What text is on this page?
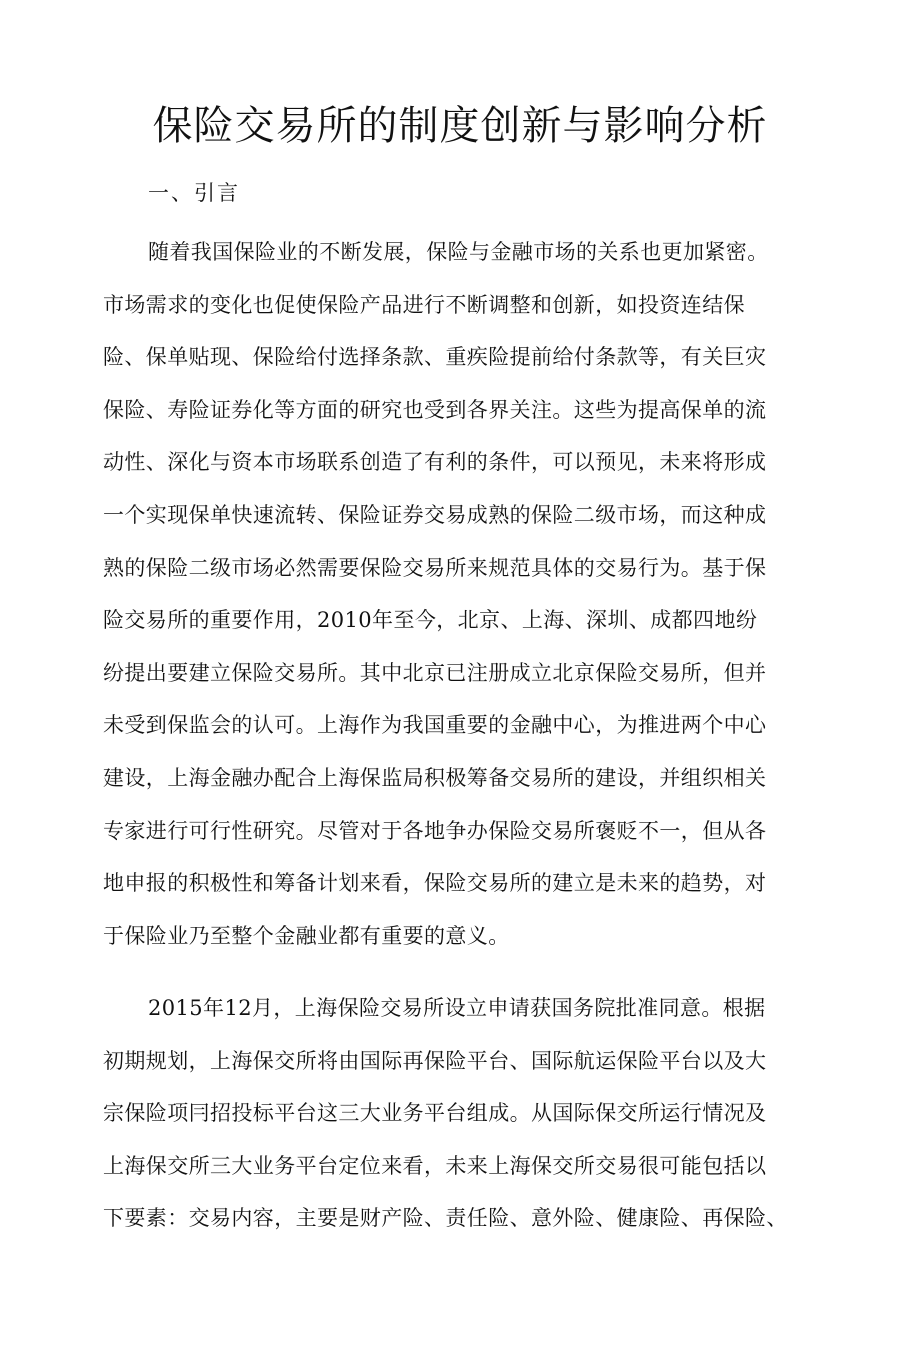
保险交易所的制度创新与影响分析
一、引言
随着我国保险业的不断发展，保险与金融市场的关系也更加紧密。
市场需求的变化也促使保险产品进行不断调整和创新，如投资连结保
险、保单贴现、保险给付选择条款、重疾险提前给付条款等，有关巨灾
保险、寿险证券化等方面的研究也受到各界关注。这些为提高保单的流
动性、深化与资本市场联系创造了有利的条件，可以预见，未来将形成
一个实现保单快速流转、保险证券交易成熟的保险二级市场，而这种成
熟的保险二级市场必然需要保险交易所来规范具体的交易行为。基于保
险交易所的重要作用，2010年至今，北京、上海、深圳、成都四地纷
纷提出要建立保险交易所。其中北京已注册成立北京保险交易所，但并
未受到保监会的认可。上海作为我国重要的金融中心，为推进两个中心
建设，上海金融办配合上海保监局积极筹备交易所的建设，并组织相关
专家进行可行性研究。尽管对于各地争办保险交易所褒贬不一，但从各
地申报的积极性和筹备计划来看，保险交易所的建立是未来的趋势，对
于保险业乃至整个金融业都有重要的意义。
2015年12月，上海保险交易所设立申请获国务院批准同意。根据
初期规划，上海保交所将由国际再保险平台、国际航运保险平台以及大
宗保险项冃招投标平台这三大业务平台组成。从国际保交所运行情况及
上海保交所三大业务平台定位来看，未来上海保交所交易很可能包括以
下要素：交易内容，主要是财产险、责任险、意外险、健康险、再保险、
